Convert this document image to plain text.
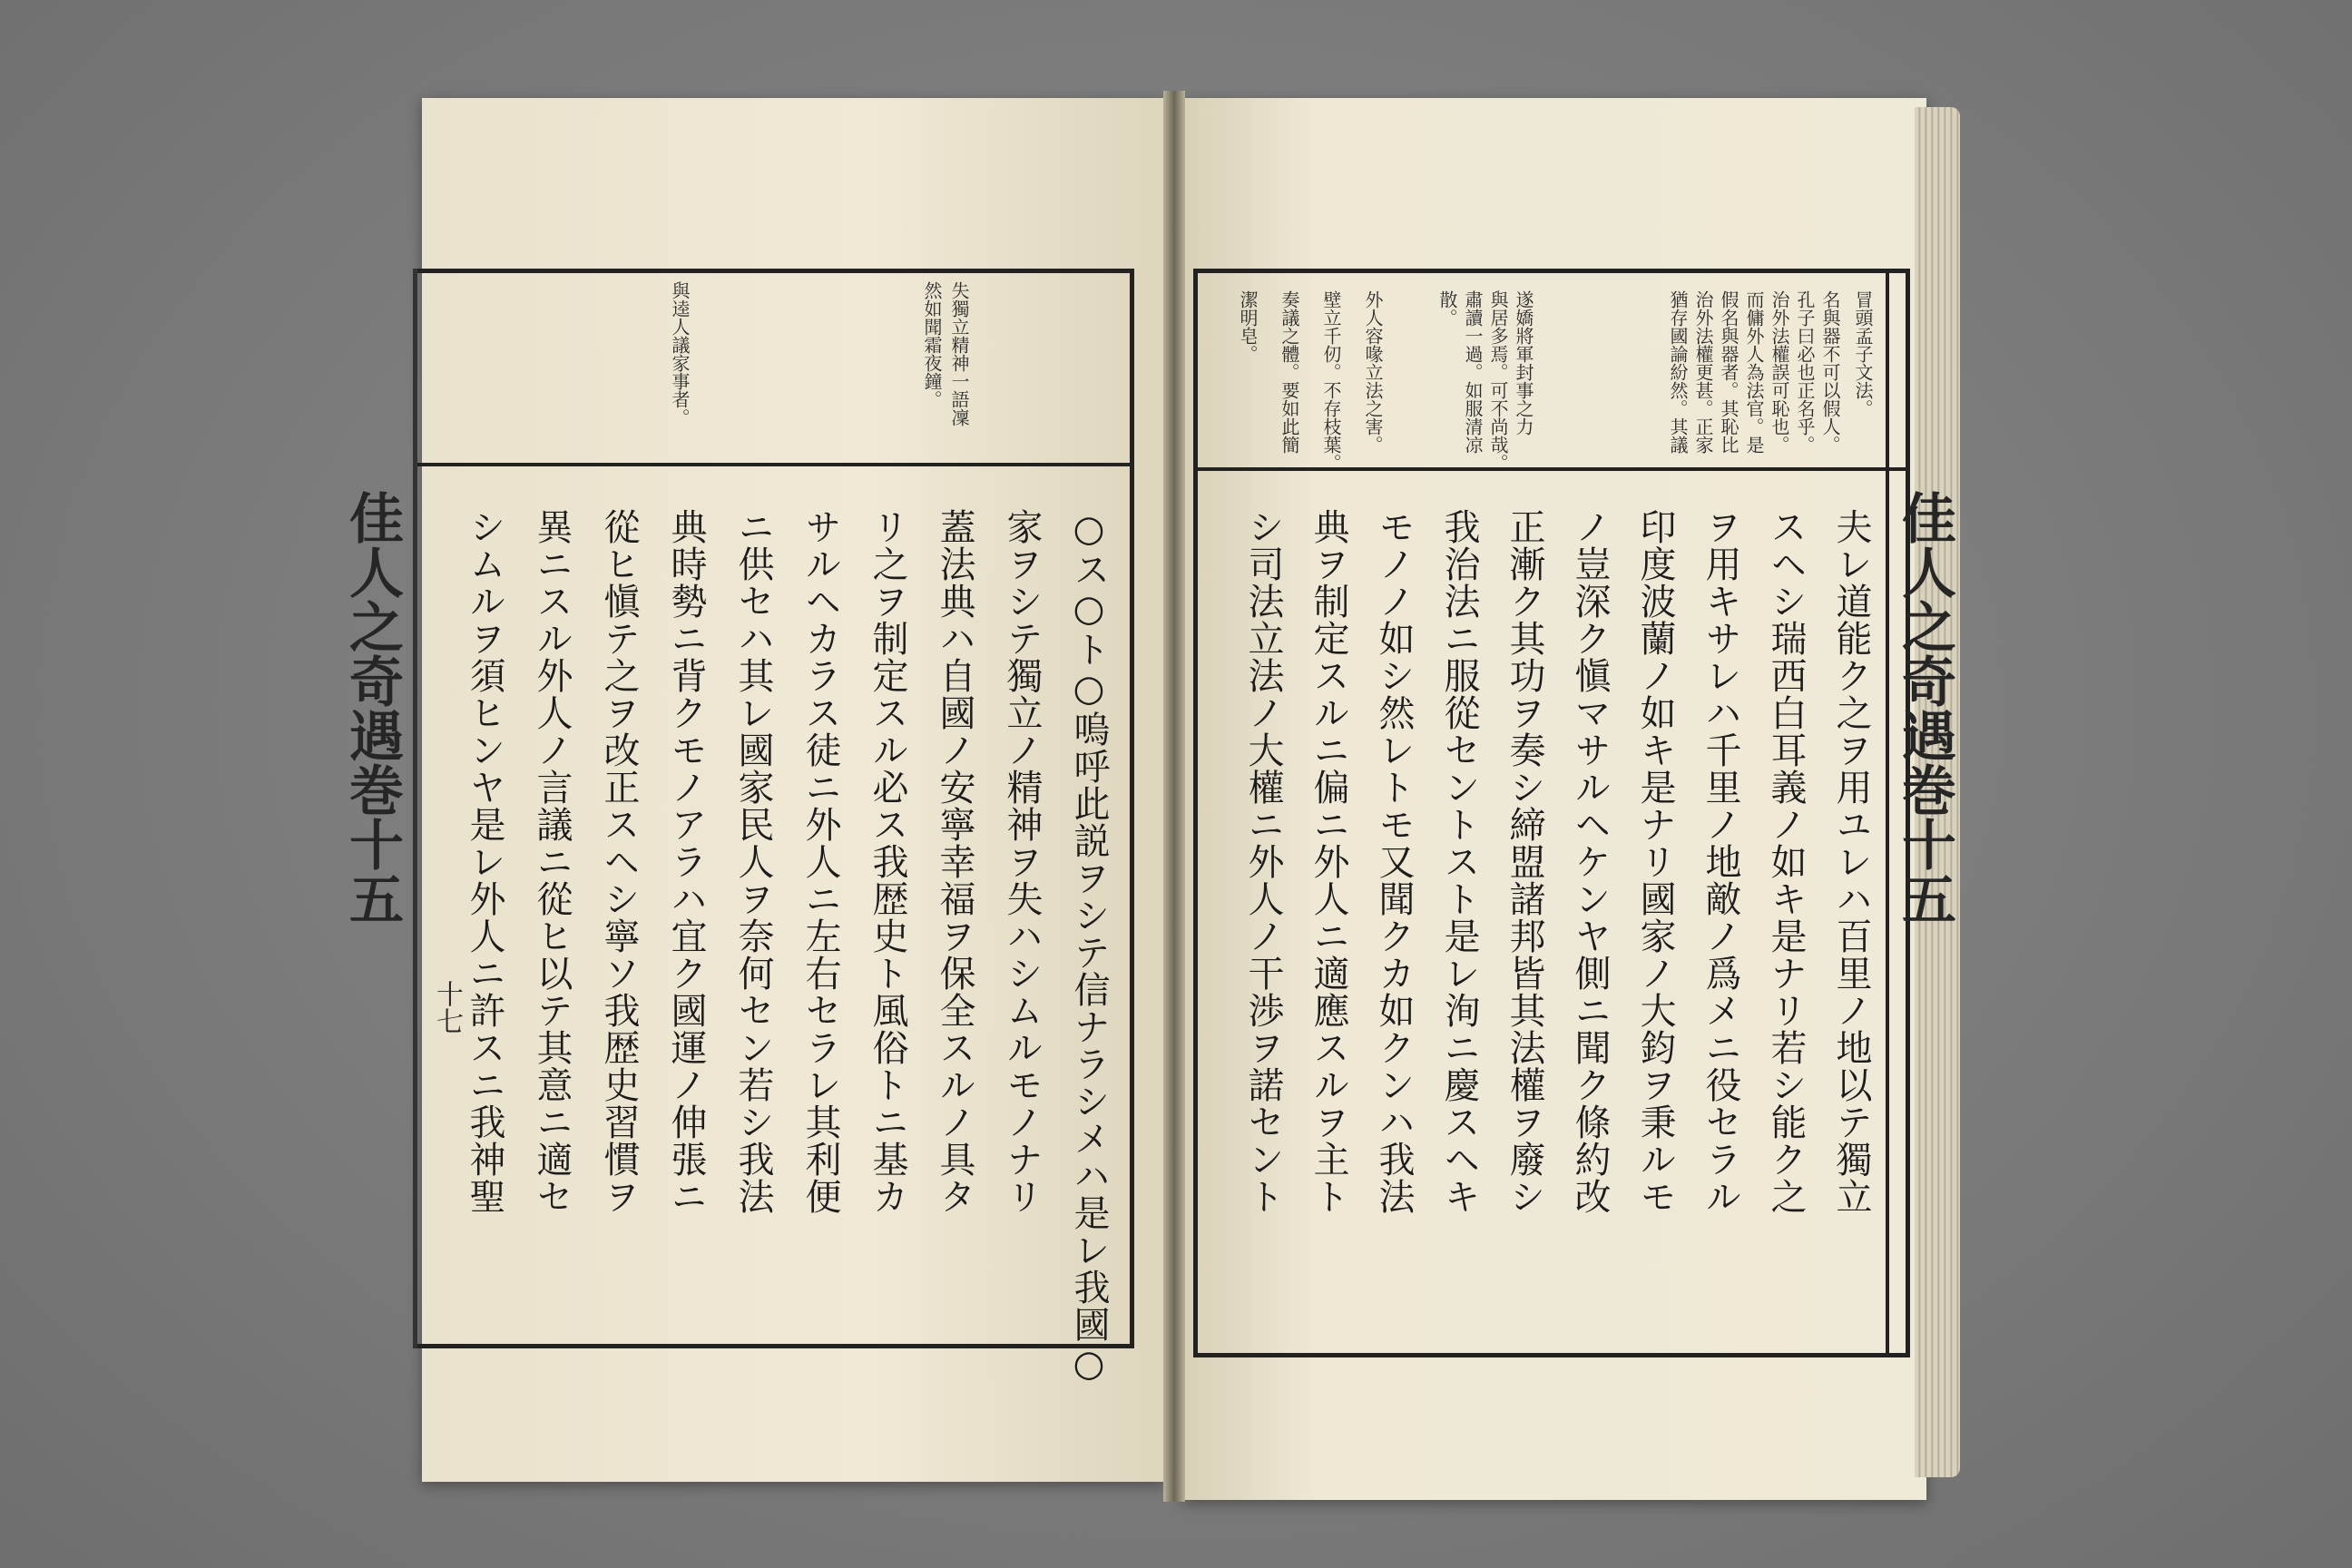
失獨立精神一語凜
然如聞霜夜鐘。
與逵人議家事者。
○ス○ト○嗚呼此説ヲシテ信ナラシメハ是レ我國○
家ヲシテ獨立ノ精神ヲ失ハシムルモノナリ
蓋法典ハ自國ノ安寧幸福ヲ保全スルノ具タ
リ之ヲ制定スル必ス我歴史ト風俗トニ基カ
サルヘカラス徒ニ外人ニ左右セラレ其利便
ニ供セハ其レ國家民人ヲ奈何セン若シ我法
典時勢ニ背クモノアラハ宜ク國運ノ伸張ニ
從ヒ愼テ之ヲ改正スヘシ寧ソ我歴史習慣ヲ
異ニスル外人ノ言議ニ從ヒ以テ其意ニ適セ
シムルヲ須ヒンヤ是レ外人ニ許スニ我神聖
佳人之奇遇巻十五
十七
冒頭孟子文法。
名與器不可以假人。
孔子曰必也正名乎。
治外法權誤可恥也。
而傭外人為法官。是
假名與器者。其恥比
治外法權更甚。正家
猶存國論紛然。其議
遂嬌將軍封事之力
與居多焉。可不尚哉。
肅讀一過。如服清凉
散。
外人容喙立法之害。
壁立千仞。不存枝葉。
奏議之體。要如此簡
潔明皂。
夫レ道能ク之ヲ用ユレハ百里ノ地以テ獨立
スヘシ瑞西白耳義ノ如キ是ナリ若シ能ク之
ヲ用キサレハ千里ノ地敵ノ爲メニ役セラル
印度波蘭ノ如キ是ナリ國家ノ大鈞ヲ秉ルモ
ノ豈深ク愼マサルヘケンヤ側ニ聞ク條約改
正漸ク其功ヲ奏シ締盟諸邦皆其法權ヲ廢シ
我治法ニ服從セントスト是レ洵ニ慶スヘキ
モノノ如シ然レトモ又聞クカ如クンハ我法
典ヲ制定スルニ偏ニ外人ニ適應スルヲ主ト
シ司法立法ノ大權ニ外人ノ干渉ヲ諾セント	佳人之奇遇巻十五
